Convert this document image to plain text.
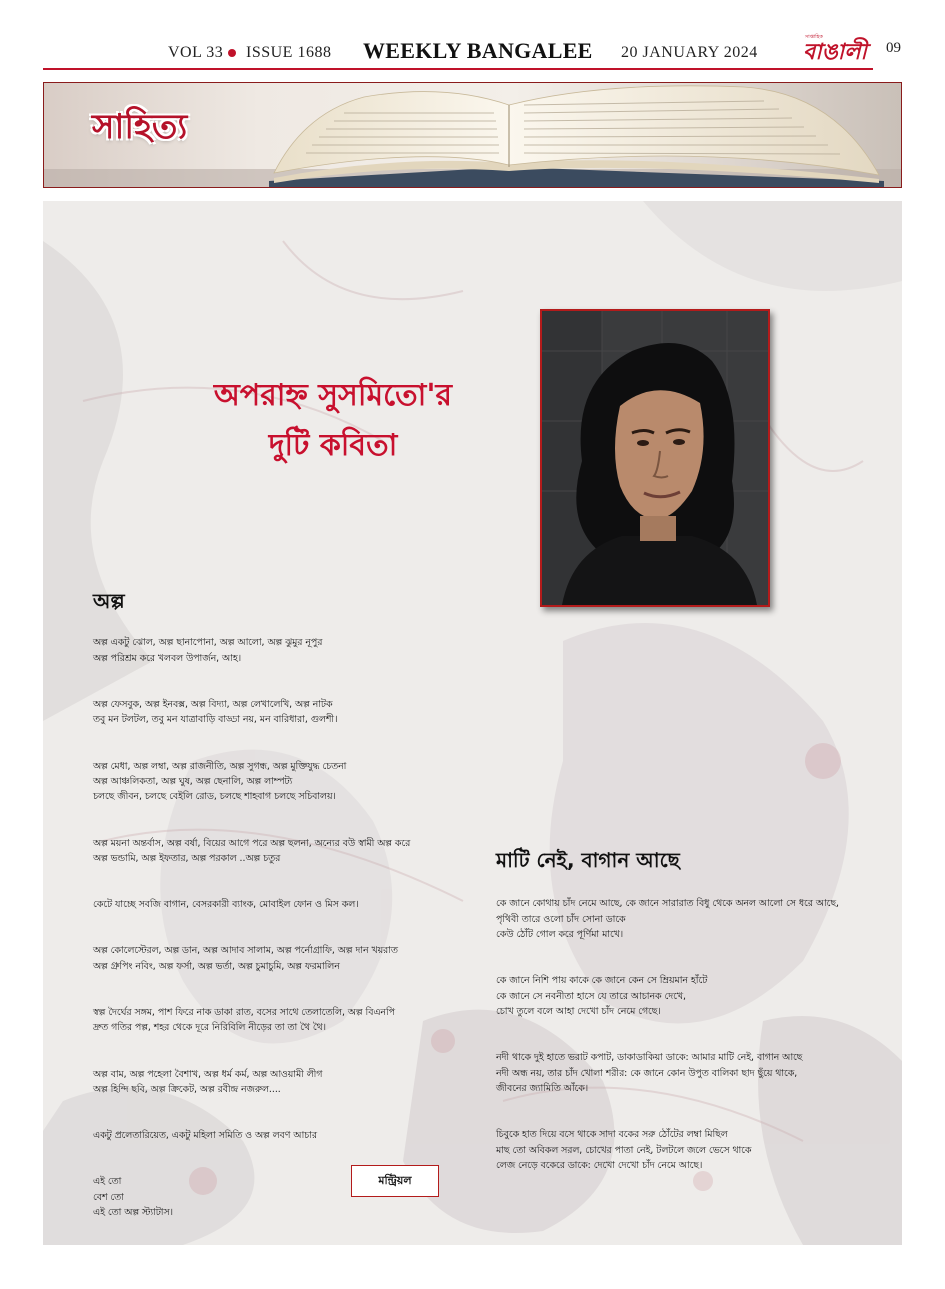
VOL 33 ISSUE 1688 WEEKLY BANGALEE 20 JANUARY 2024
সাপ্তাহিক
বাঙালী	09
সাহিত্য
অপরাহ্ন সুসমিতো'র
দুটি কবিতা
অল্প

অল্প একটু ঝোল, অল্প ছানাপোনা, অল্প আলো, অল্প ঝুমুর নূপুর
অল্প পরিশ্রম করে খলবল উপার্জন, আহ।

অল্প ফেসবুক, অল্প ইনবক্স, অল্প বিদ্যা, অল্প লেখালেখি, অল্প নাটক
তবু মন টলটল, তবু মন যাত্রাবাড়ি বাড্ডা নয়, মন বারিধারা, গুলশী।

অল্প মেধা, অল্প লম্বা, অল্প রাজনীতি, অল্প সুগন্ধ, অল্প মুক্তিযুদ্ধ চেতনা
অল্প আঞ্চলিকতা, অল্প ঘুষ, অল্প ছেনালি, অল্প লাম্পট্য
চলছে জীবন, চলছে বেইলি রোড, চলছে শাহবাগ চলছে সচিবালয়।

অল্প ময়না অন্তর্বাস, অল্প বর্ষা, বিয়ের আগে পরে অল্প ছলনা, অন্যের বউ স্বামী অল্প করে
অল্প ভন্ডামি, অল্প ইফতার, অল্প পরকাল ..অল্প চতুর

কেটে যাচ্ছে সবজি বাগান, বেসরকারী ব্যাংক, মোবাইল ফোন ও মিস কল।

অল্প কোলেস্টেরল, অল্প ডান, অল্প আদাব সালাম, অল্প পর্নোগ্রাফি, অল্প দান খয়রাত
অল্প গ্রুপিং নবিং, অল্প ফর্সা, অল্প ভর্তা, অল্প চুমাচুমি, অল্প ফরমালিন

স্বল্প দৈর্ঘের সঙ্গম, পাশ ফিরে নাক ডাকা রাত, বসের সাথে তেলাতেলি, অল্প বিএনপি
দ্রুত গতির পল্প, শহর থেকে দূরে নিরিবিলি নীড়ের তা তা থৈ থৈ।

অল্প বাম, অল্প পহেলা বৈশাখ, অল্প ধর্ম কর্ম, অল্প আওয়ামী লীগ
অল্প হিন্দি ছবি, অল্প ক্রিকেট, অল্প রবীন্দ্র নজরুল....

একটু প্রলেতারিয়েত, একটু মহিলা সমিতি ও অল্প লবণ আচার

এই তো
বেশ তো
এই তো অল্প স্ট্যাটাস।

মাটি নেই, বাগান আছে

কে জানে কোথায় চাঁদ নেমে আছে, কে জানে সারারাত বিধু থেকে অনল আলো সে ধরে আছে,
পৃথিবী তারে ওলো চাঁদ সোনা ডাকে
কেউ ঠোঁট গোল করে পূর্ণিমা মাখে।

কে জানে নিশি পায় কাকে কে জানে কেন সে ম্রিয়মান হাঁটে
কে জানে সে নবনীতা হাসে যে তারে আচানক দেখে,
চোখ তুলে বলে আহা দেখো চাঁদ নেমে গেছে।

নদী থাকে দুই হাতে ভরাট কপাট, ডাকাডাকিয়া ডাকে: আমার মাটি নেই, বাগান আছে
নদী অন্ধ নয়, তার চাঁদ খোলা শরীর: কে জানে কোন উপুত বালিকা ছাদ ছুঁয়ে থাকে,
জীবনের জ্যামিতি আঁকে।

চিবুকে হাত দিয়ে বসে থাকে সাদা বকের সরু ঠোঁটের লম্বা মিছিল
মাছ তো অবিকল সরল, চোখের পাতা নেই, টলটলে জলে ভেসে থাকে
লেজ নেড়ে বকেরে ডাকে: দেখো দেখো চাঁদ নেমে আছে।

মন্ট্রিয়ল
